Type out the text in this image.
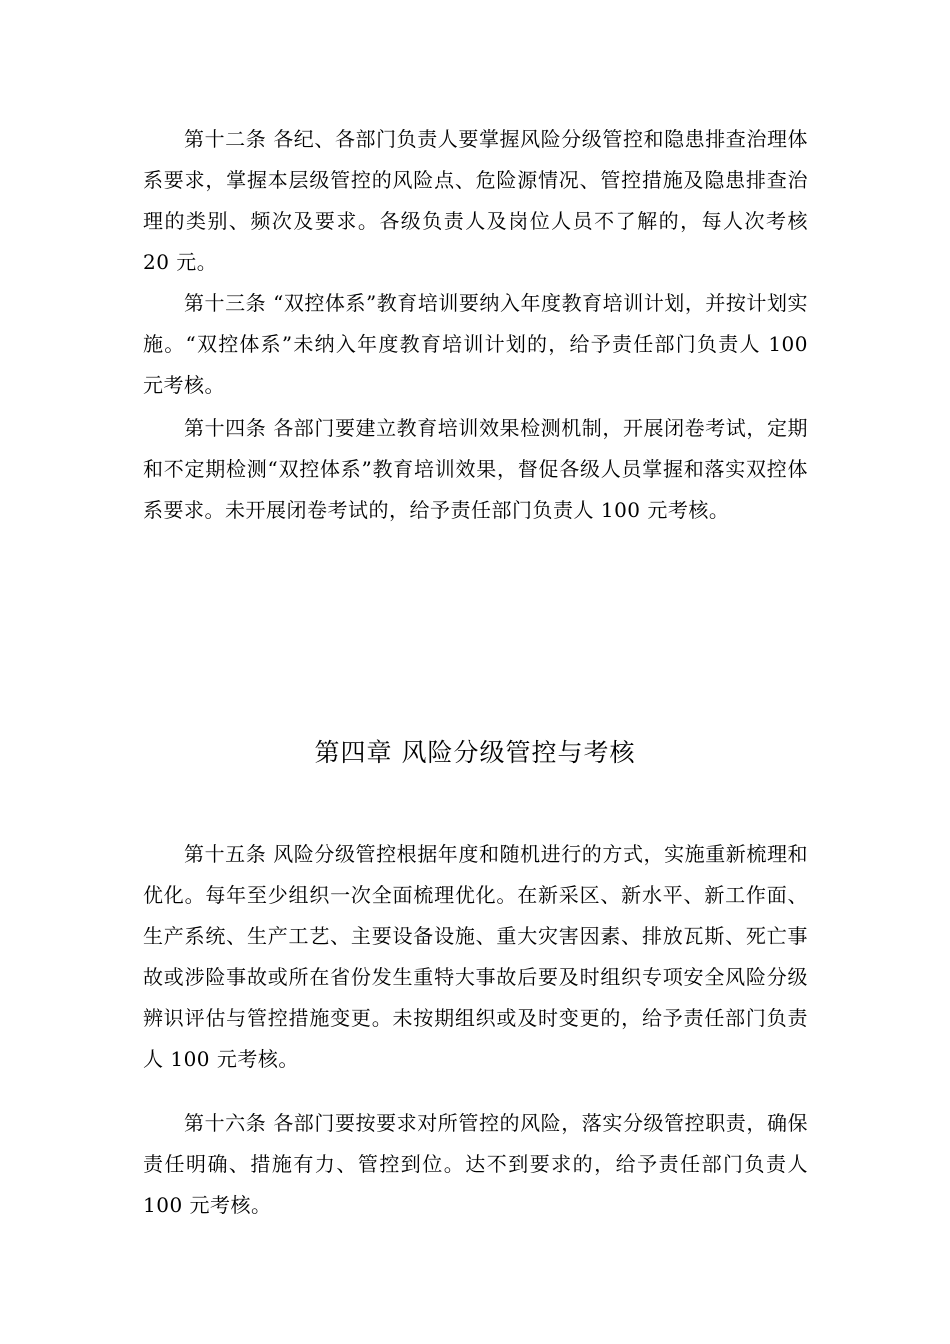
第十二条 各纪、各部门负责人要掌握风险分级管控和隐患排查治理体系要求，掌握本层级管控的风险点、危险源情况、管控措施及隐患排查治理的类别、频次及要求。各级负责人及岗位人员不了解的，每人次考核 20 元。

第十三条 “双控体系”教育培训要纳入年度教育培训计划，并按计划实施。“双控体系”未纳入年度教育培训计划的，给予责任部门负责人 100 元考核。

第十四条 各部门要建立教育培训效果检测机制，开展闭卷考试，定期和不定期检测“双控体系”教育培训效果，督促各级人员掌握和落实双控体系要求。未开展闭卷考试的，给予责任部门负责人 100 元考核。

第四章 风险分级管控与考核

第十五条 风险分级管控根据年度和随机进行的方式，实施重新梳理和优化。每年至少组织一次全面梳理优化。在新采区、新水平、新工作面、生产系统、生产工艺、主要设备设施、重大灾害因素、排放瓦斯、死亡事故或涉险事故或所在省份发生重特大事故后要及时组织专项安全风险分级辨识评估与管控措施变更。未按期组织或及时变更的，给予责任部门负责人 100 元考核。

第十六条 各部门要按要求对所管控的风险，落实分级管控职责，确保责任明确、措施有力、管控到位。达不到要求的，给予责任部门负责人 100 元考核。
